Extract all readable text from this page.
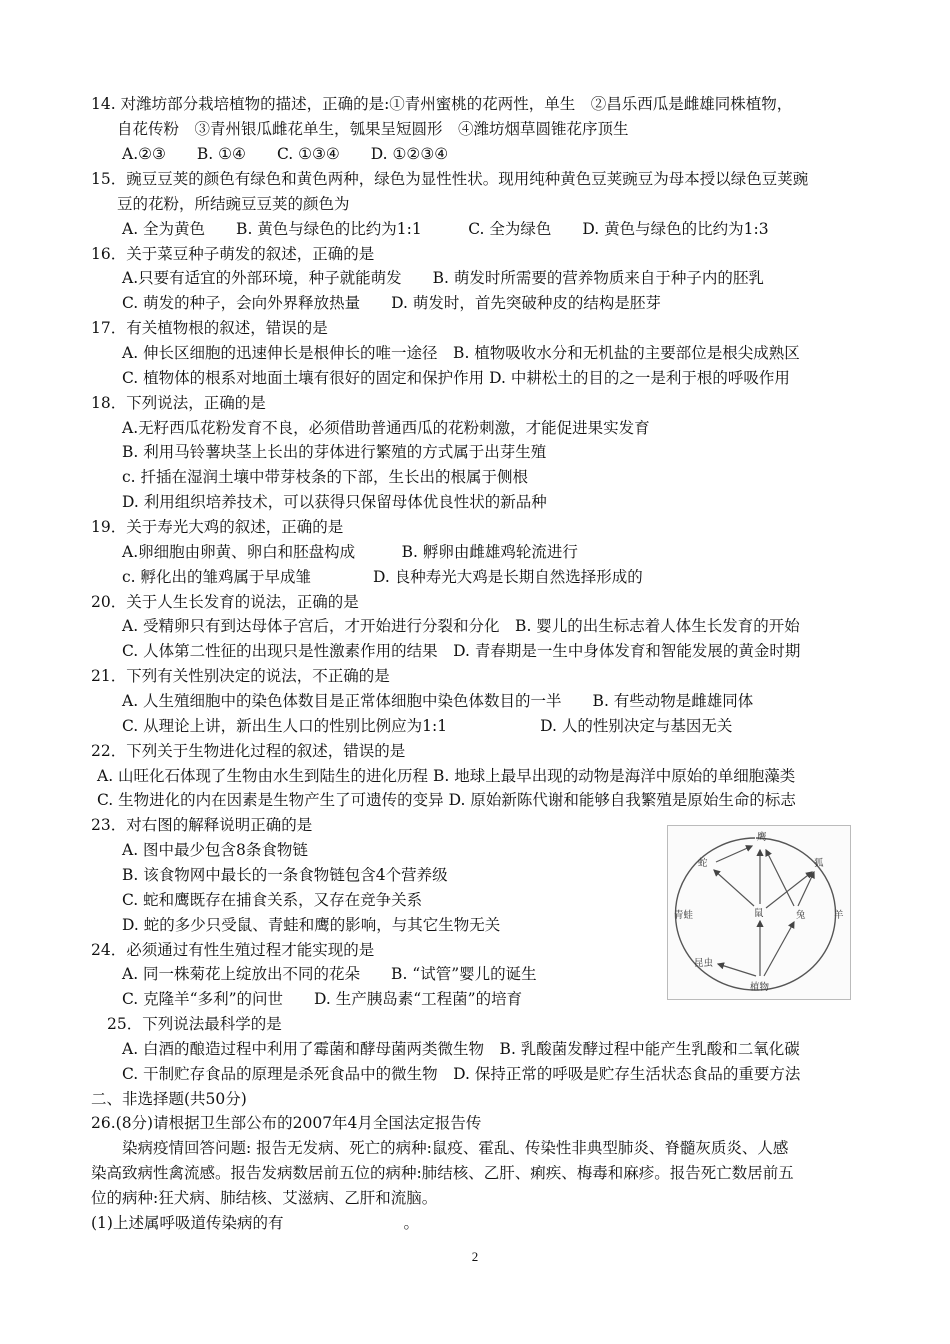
14. 对潍坊部分栽培植物的描述，正确的是:①青州蜜桃的花两性，单生　②昌乐西瓜是雌雄同株植物，
自花传粉　③青州银瓜雌花单生，瓠果呈短圆形　④潍坊烟草圆锥花序顶生
A.②③　　B. ①④　　C. ①③④　　D. ①②③④
15．豌豆豆荚的颜色有绿色和黄色两种，绿色为显性性状。现用纯种黄色豆荚豌豆为母本授以绿色豆荚豌
豆的花粉，所结豌豆豆荚的颜色为
A. 全为黄色　　B. 黄色与绿色的比约为1:1　　　C. 全为绿色　　D. 黄色与绿色的比约为1:3
16．关于菜豆种子萌发的叙述，正确的是
A.只要有适宜的外部环境，种子就能萌发　　B. 萌发时所需要的营养物质来自于种子内的胚乳
C. 萌发的种子，会向外界释放热量　　D. 萌发时，首先突破种皮的结构是胚芽
17．有关植物根的叙述，错误的是
A. 伸长区细胞的迅速伸长是根伸长的唯一途径　B. 植物吸收水分和无机盐的主要部位是根尖成熟区
C. 植物体的根系对地面土壤有很好的固定和保护作用 D. 中耕松土的目的之一是利于根的呼吸作用
18．下列说法，正确的是
A.无籽西瓜花粉发育不良，必须借助普通西瓜的花粉刺激，才能促进果实发育
B. 利用马铃薯块茎上长出的芽体进行繁殖的方式属于出芽生殖
c. 扦插在湿润土壤中带芽枝条的下部，生长出的根属于侧根
D. 利用组织培养技术，可以获得只保留母体优良性状的新品种
19．关于寿光大鸡的叙述，正确的是
A.卵细胞由卵黄、卵白和胚盘构成　　　B. 孵卵由雌雄鸡轮流进行
c. 孵化出的雏鸡属于早成雏　　　　D. 良种寿光大鸡是长期自然选择形成的
20．关于人生长发育的说法，正确的是
A. 受精卵只有到达母体子宫后，才开始进行分裂和分化　B. 婴儿的出生标志着人体生长发育的开始
C. 人体第二性征的出现只是性激素作用的结果　D. 青春期是一生中身体发育和智能发展的黄金时期
21．下列有关性别决定的说法，不正确的是
A. 人生殖细胞中的染色体数目是正常体细胞中染色体数目的一半　　B. 有些动物是雌雄同体
C. 从理论上讲，新出生人口的性别比例应为1:1　　　　　　D. 人的性别决定与基因无关
22．下列关于生物进化过程的叙述，错误的是
A. 山旺化石体现了生物由水生到陆生的进化历程 B. 地球上最早出现的动物是海洋中原始的单细胞藻类
C. 生物进化的内在因素是生物产生了可遗传的变异 D. 原始新陈代谢和能够自我繁殖是原始生命的标志
23．对右图的解释说明正确的是
A. 图中最少包含8条食物链
B. 该食物网中最长的一条食物链包含4个营养级
C. 蛇和鹰既存在捕食关系，又存在竞争关系
D. 蛇的多少只受鼠、青蛙和鹰的影响，与其它生物无关
24．必须通过有性生殖过程才能实现的是
A. 同一株菊花上绽放出不同的花朵　　B. “试管”婴儿的诞生
C. 克隆羊“多利”的问世　　D. 生产胰岛素“工程菌”的培育
25．下列说法最科学的是
A. 白酒的酿造过程中利用了霉菌和酵母菌两类微生物　B. 乳酸菌发酵过程中能产生乳酸和二氧化碳
C. 干制贮存食品的原理是杀死食品中的微生物　D. 保持正常的呼吸是贮存生活状态食品的重要方法
二、非选择题(共50分)
26.(8分)请根据卫生部公布的2007年4月全国法定报告传
染病疫情回答问题: 报告无发病、死亡的病种:鼠疫、霍乱、传染性非典型肺炎、脊髓灰质炎、人感
染高致病性禽流感。报告发病数居前五位的病种:肺结核、乙肝、痢疾、梅毒和麻疹。报告死亡数居前五
位的病种:狂犬病、肺结核、艾滋病、乙肝和流脑。
(1)上述属呼吸道传染病的有	。
鹰
狐
蛇
兔
鼠	羊
青蛙
昆虫
植物
2
